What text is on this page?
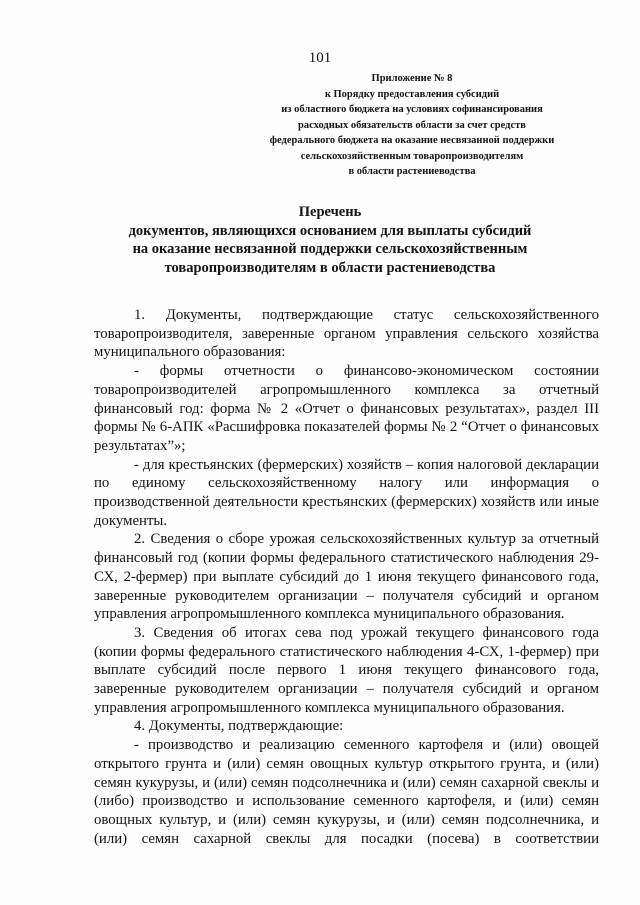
101
Приложение № 8
к Порядку предоставления субсидий
из областного бюджета на условиях софинансирования
расходных обязательств области за счет средств
федерального бюджета на оказание несвязанной поддержки
сельскохозяйственным товаропроизводителям
в области растениеводства
Перечень
документов, являющихся основанием для выплаты субсидий
на оказание несвязанной поддержки сельскохозяйственным
товаропроизводителям в области растениеводства

1. Документы, подтверждающие статус сельскохозяйственного товаропроизводителя, заверенные органом управления сельского хозяйства муниципального образования:

- формы отчетности о финансово-экономическом состоянии товаропроизводителей агропромышленного комплекса за отчетный финансовый год: форма № 2 «Отчет о финансовых результатах», раздел III формы № 6-АПК «Расшифровка показателей формы № 2 “Отчет о финансовых результатах”»;

- для крестьянских (фермерских) хозяйств – копия налоговой декларации по единому сельскохозяйственному налогу или информация о производственной деятельности крестьянских (фермерских) хозяйств или иные документы.

2. Сведения о сборе урожая сельскохозяйственных культур за отчетный финансовый год (копии формы федерального статистического наблюдения 29-СХ, 2-фермер) при выплате субсидий до 1 июня текущего финансового года, заверенные руководителем организации – получателя субсидий и органом управления агропромышленного комплекса муниципального образования.

3. Сведения об итогах сева под урожай текущего финансового года (копии формы федерального статистического наблюдения 4-СХ, 1-фермер) при выплате субсидий после первого 1 июня текущего финансового года, заверенные руководителем организации – получателя субсидий и органом управления агропромышленного комплекса муниципального образования.

4. Документы, подтверждающие:

- производство и реализацию семенного картофеля и (или) овощей открытого грунта и (или) семян овощных культур открытого грунта, и (или) семян кукурузы, и (или) семян подсолнечника и (или) семян сахарной свеклы и (либо) производство и использование семенного картофеля, и (или) семян овощных культур, и (или) семян кукурузы, и (или) семян подсолнечника, и (или) семян сахарной свеклы для посадки (посева) в соответствии
